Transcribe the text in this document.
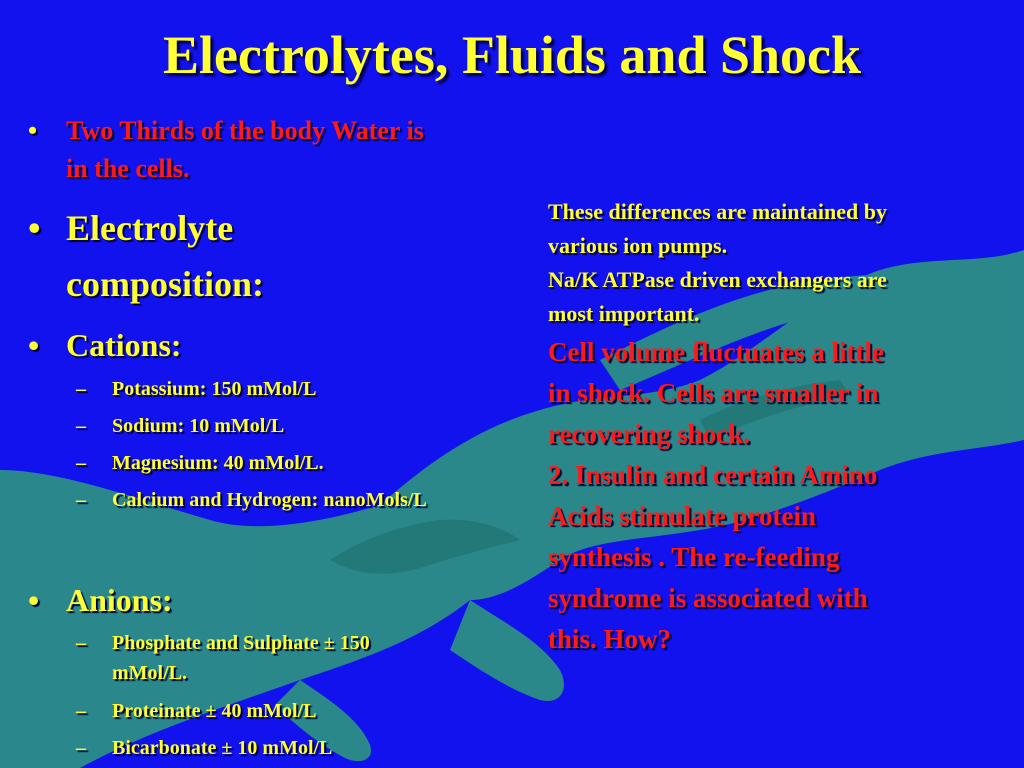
Electrolytes, Fluids and Shock
• Two Thirds of the body Water is
in the cells.
• Electrolyte
composition:
• Cations:
– Potassium: 150 mMol/L
– Sodium: 10 mMol/L
– Magnesium: 40 mMol/L.
– Calcium and Hydrogen: nanoMols/L
• Anions:
– Phosphate and Sulphate ± 150
mMol/L.
– Proteinate ± 40 mMol/L
– Bicarbonate ± 10 mMol/L
These differences are maintained by
various ion pumps.
Na/K ATPase driven exchangers are
most important.
Cell volume fluctuates a little
in shock. Cells are smaller in
recovering shock.
2. Insulin and certain Amino
Acids stimulate protein
synthesis . The re-feeding
syndrome is associated with
this. How?
